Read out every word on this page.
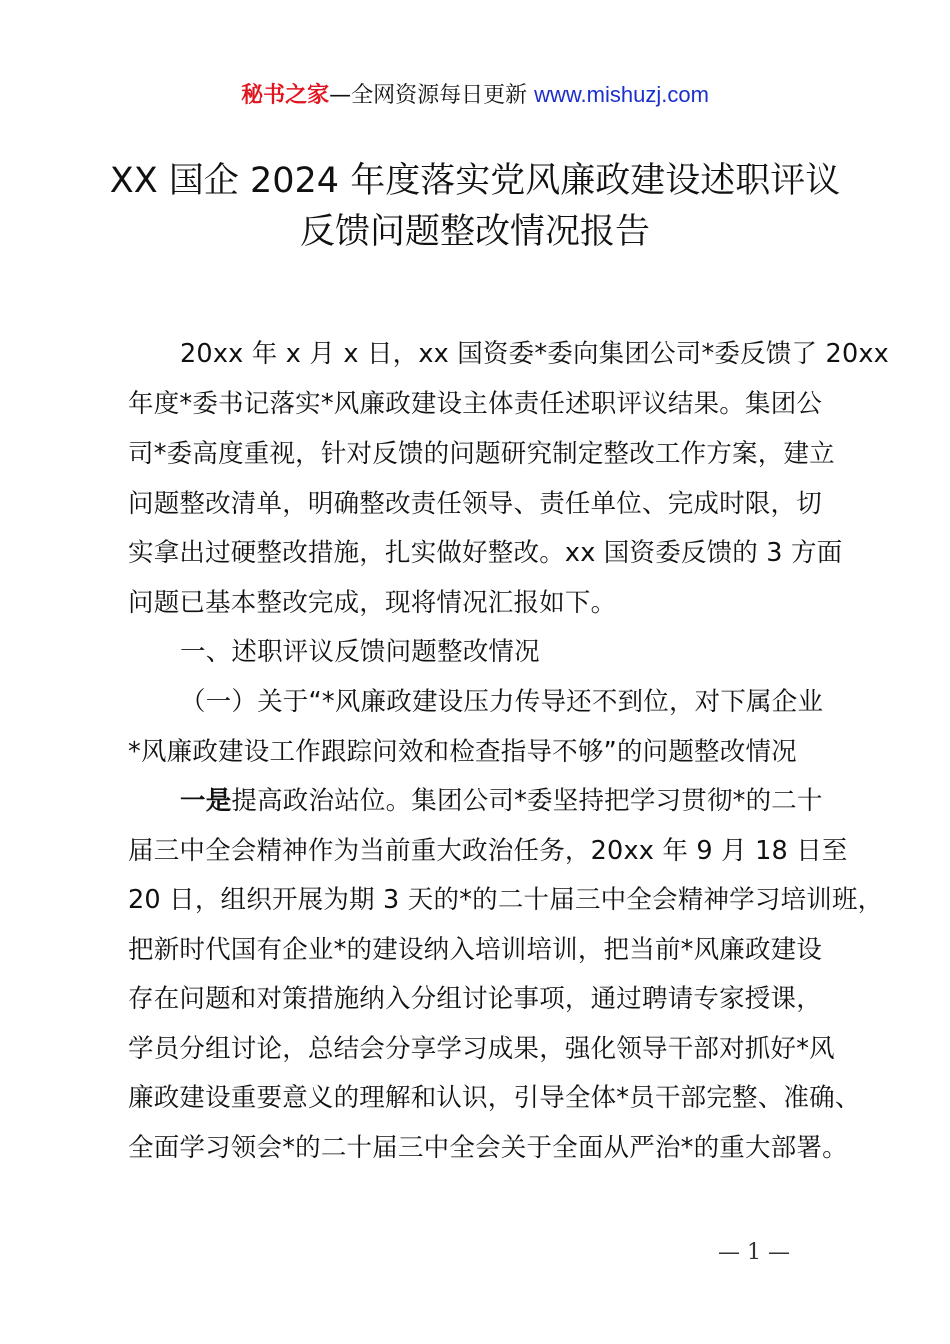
秘书之家—全网资源每日更新 www.mishuzj.com
XX 国企 2024 年度落实党风廉政建设述职评议
反馈问题整改情况报告
20xx 年 x 月 x 日，xx 国资委*委向集团公司*委反馈了 20xx
年度*委书记落实*风廉政建设主体责任述职评议结果。集团公
司*委高度重视，针对反馈的问题研究制定整改工作方案，建立
问题整改清单，明确整改责任领导、责任单位、完成时限，切
实拿出过硬整改措施，扎实做好整改。xx 国资委反馈的 3 方面
问题已基本整改完成，现将情况汇报如下。
一、述职评议反馈问题整改情况
（一）关于“*风廉政建设压力传导还不到位，对下属企业
*风廉政建设工作跟踪问效和检查指导不够”的问题整改情况
一是提高政治站位。集团公司*委坚持把学习贯彻*的二十
届三中全会精神作为当前重大政治任务，20xx 年 9 月 18 日至
20 日，组织开展为期 3 天的*的二十届三中全会精神学习培训班，
把新时代国有企业*的建设纳入培训培训，把当前*风廉政建设
存在问题和对策措施纳入分组讨论事项，通过聘请专家授课，
学员分组讨论，总结会分享学习成果，强化领导干部对抓好*风
廉政建设重要意义的理解和认识，引导全体*员干部完整、准确、
全面学习领会*的二十届三中全会关于全面从严治*的重大部署。
— 1 —
